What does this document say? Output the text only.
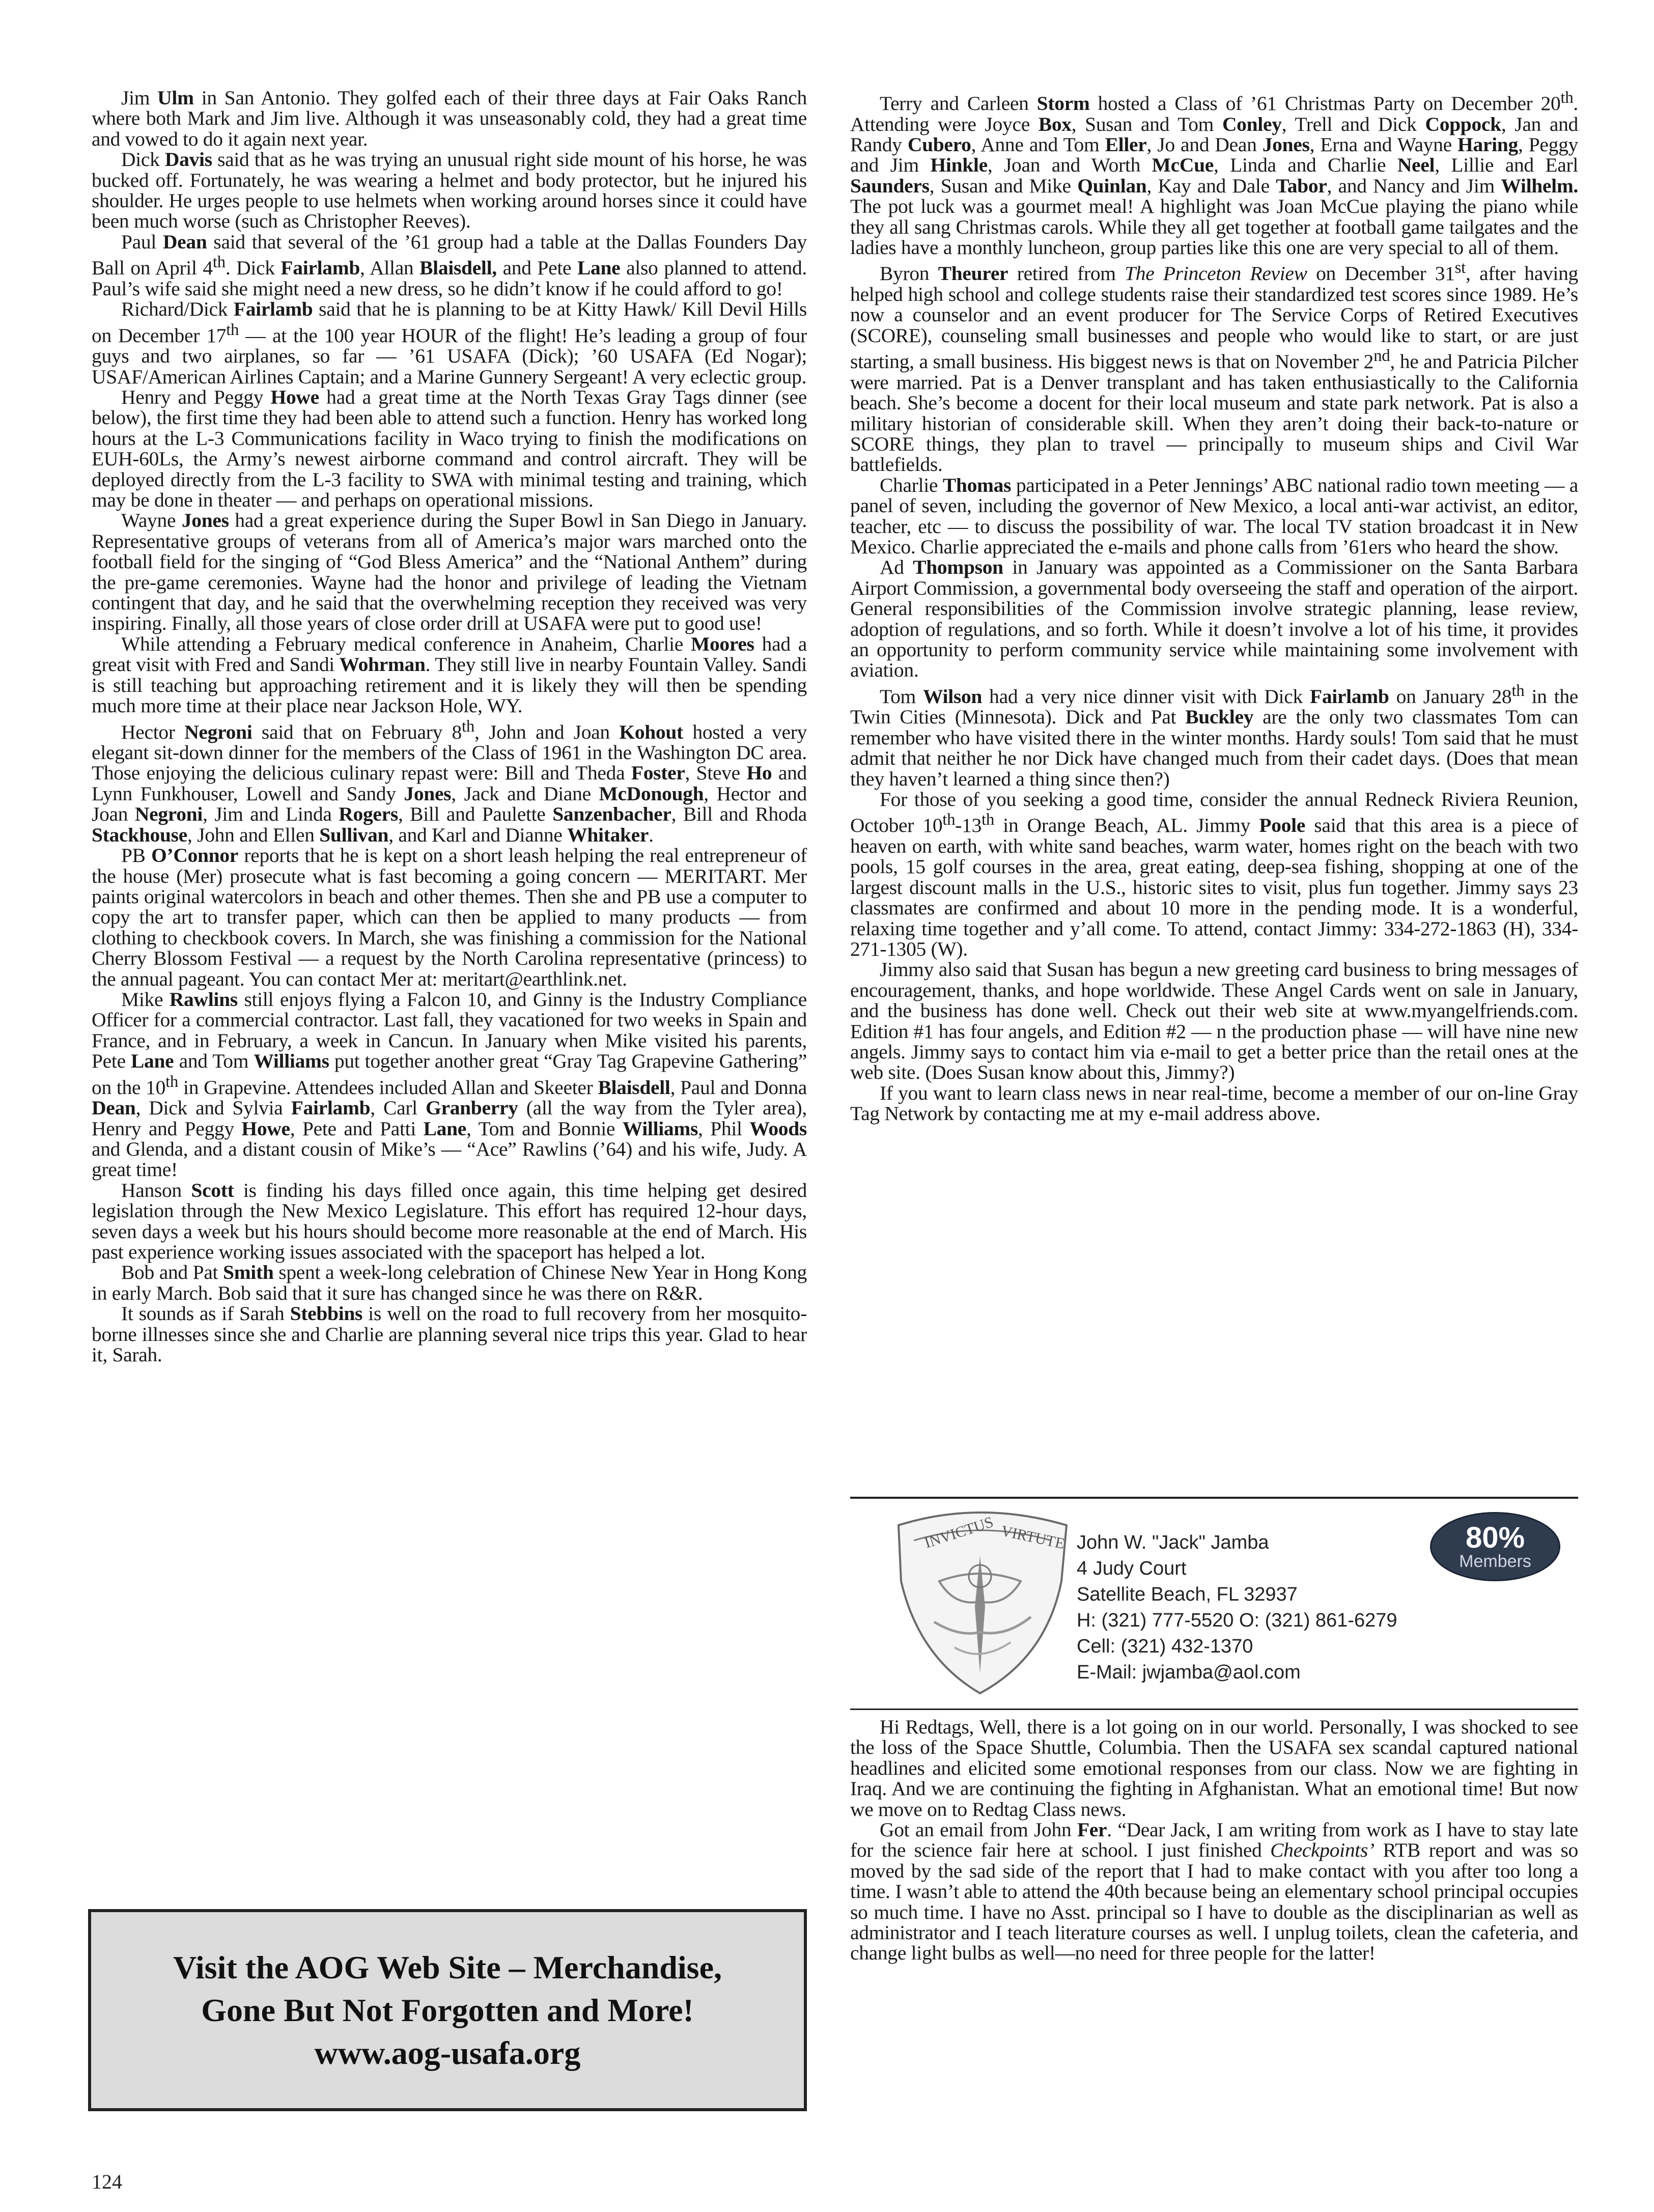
Jim Ulm in San Antonio. They golfed each of their three days at Fair Oaks Ranch where both Mark and Jim live. Although it was unseasonably cold, they had a great time and vowed to do it again next year.

Dick Davis said that as he was trying an unusual right side mount of his horse, he was bucked off. Fortunately, he was wearing a helmet and body protector, but he injured his shoulder. He urges people to use helmets when working around horses since it could have been much worse (such as Christopher Reeves).

Paul Dean said that several of the ’61 group had a table at the Dallas Founders Day Ball on April 4th. Dick Fairlamb, Allan Blaisdell, and Pete Lane also planned to attend. Paul’s wife said she might need a new dress, so he didn’t know if he could afford to go!

Richard/Dick Fairlamb said that he is planning to be at Kitty Hawk/ Kill Devil Hills on December 17th — at the 100 year HOUR of the flight! He’s leading a group of four guys and two airplanes, so far — ’61 USAFA (Dick); ’60 USAFA (Ed Nogar); USAF/American Airlines Captain; and a Marine Gunnery Sergeant! A very eclectic group.

Henry and Peggy Howe had a great time at the North Texas Gray Tags dinner (see below), the first time they had been able to attend such a function. Henry has worked long hours at the L-3 Communications facility in Waco trying to finish the modifications on EUH-60Ls, the Army’s newest airborne command and control aircraft. They will be deployed directly from the L-3 facility to SWA with minimal testing and training, which may be done in theater — and perhaps on operational missions.

Wayne Jones had a great experience during the Super Bowl in San Diego in January. Representative groups of veterans from all of America’s major wars marched onto the football field for the singing of “God Bless America” and the “National Anthem” during the pre-game ceremonies. Wayne had the honor and privilege of leading the Vietnam contingent that day, and he said that the overwhelming reception they received was very inspiring. Finally, all those years of close order drill at USAFA were put to good use!

While attending a February medical conference in Anaheim, Charlie Moores had a great visit with Fred and Sandi Wohrman. They still live in nearby Fountain Valley. Sandi is still teaching but approaching retirement and it is likely they will then be spending much more time at their place near Jackson Hole, WY.

Hector Negroni said that on February 8th, John and Joan Kohout hosted a very elegant sit-down dinner for the members of the Class of 1961 in the Washington DC area. Those enjoying the delicious culinary repast were: Bill and Theda Foster, Steve Ho and Lynn Funkhouser, Lowell and Sandy Jones, Jack and Diane McDonough, Hector and Joan Negroni, Jim and Linda Rogers, Bill and Paulette Sanzenbacher, Bill and Rhoda Stackhouse, John and Ellen Sullivan, and Karl and Dianne Whitaker.

PB O’Connor reports that he is kept on a short leash helping the real entrepreneur of the house (Mer) prosecute what is fast becoming a going concern — MERITART. Mer paints original watercolors in beach and other themes. Then she and PB use a computer to copy the art to transfer paper, which can then be applied to many products — from clothing to checkbook covers. In March, she was finishing a commission for the National Cherry Blossom Festival — a request by the North Carolina representative (princess) to the annual pageant. You can contact Mer at: meritart@earthlink.net.

Mike Rawlins still enjoys flying a Falcon 10, and Ginny is the Industry Compliance Officer for a commercial contractor. Last fall, they vacationed for two weeks in Spain and France, and in February, a week in Cancun. In January when Mike visited his parents, Pete Lane and Tom Williams put together another great “Gray Tag Grapevine Gathering” on the 10th in Grapevine. Attendees included Allan and Skeeter Blaisdell, Paul and Donna Dean, Dick and Sylvia Fairlamb, Carl Granberry (all the way from the Tyler area), Henry and Peggy Howe, Pete and Patti Lane, Tom and Bonnie Williams, Phil Woods and Glenda, and a distant cousin of Mike’s — “Ace” Rawlins (’64) and his wife, Judy. A great time!

Hanson Scott is finding his days filled once again, this time helping get desired legislation through the New Mexico Legislature. This effort has required 12-hour days, seven days a week but his hours should become more reasonable at the end of March. His past experience working issues associated with the spaceport has helped a lot.

Bob and Pat Smith spent a week-long celebration of Chinese New Year in Hong Kong in early March. Bob said that it sure has changed since he was there on R&R.

It sounds as if Sarah Stebbins is well on the road to full recovery from her mosquito-borne illnesses since she and Charlie are planning several nice trips this year. Glad to hear it, Sarah.

Terry and Carleen Storm hosted a Class of ’61 Christmas Party on December 20th. Attending were Joyce Box, Susan and Tom Conley, Trell and Dick Coppock, Jan and Randy Cubero, Anne and Tom Eller, Jo and Dean Jones, Erna and Wayne Haring, Peggy and Jim Hinkle, Joan and Worth McCue, Linda and Charlie Neel, Lillie and Earl Saunders, Susan and Mike Quinlan, Kay and Dale Tabor, and Nancy and Jim Wilhelm. The pot luck was a gourmet meal! A highlight was Joan McCue playing the piano while they all sang Christmas carols. While they all get together at football game tailgates and the ladies have a monthly luncheon, group parties like this one are very special to all of them.

Byron Theurer retired from The Princeton Review on December 31st, after having helped high school and college students raise their standardized test scores since 1989. He’s now a counselor and an event producer for The Service Corps of Retired Executives (SCORE), counseling small businesses and people who would like to start, or are just starting, a small business. His biggest news is that on November 2nd, he and Patricia Pilcher were married. Pat is a Denver transplant and has taken enthusiastically to the California beach. She’s become a docent for their local museum and state park network. Pat is also a military historian of considerable skill. When they aren’t doing their back-to-nature or SCORE things, they plan to travel — principally to museum ships and Civil War battlefields.

Charlie Thomas participated in a Peter Jennings’ ABC national radio town meeting — a panel of seven, including the governor of New Mexico, a local anti-war activist, an editor, teacher, etc — to discuss the possibility of war. The local TV station broadcast it in New Mexico. Charlie appreciated the e-mails and phone calls from ’61ers who heard the show.

Ad Thompson in January was appointed as a Commissioner on the Santa Barbara Airport Commission, a governmental body overseeing the staff and operation of the airport. General responsibilities of the Commission involve strategic planning, lease review, adoption of regulations, and so forth. While it doesn’t involve a lot of his time, it provides an opportunity to perform community service while maintaining some involvement with aviation.

Tom Wilson had a very nice dinner visit with Dick Fairlamb on January 28th in the Twin Cities (Minnesota). Dick and Pat Buckley are the only two classmates Tom can remember who have visited there in the winter months. Hardy souls! Tom said that he must admit that neither he nor Dick have changed much from their cadet days. (Does that mean they haven’t learned a thing since then?)

For those of you seeking a good time, consider the annual Redneck Riviera Reunion, October 10th-13th in Orange Beach, AL. Jimmy Poole said that this area is a piece of heaven on earth, with white sand beaches, warm water, homes right on the beach with two pools, 15 golf courses in the area, great eating, deep-sea fishing, shopping at one of the largest discount malls in the U.S., historic sites to visit, plus fun together. Jimmy says 23 classmates are confirmed and about 10 more in the pending mode. It is a wonderful, relaxing time together and y’all come. To attend, contact Jimmy: 334-272-1863 (H), 334-271-1305 (W).

Jimmy also said that Susan has begun a new greeting card business to bring messages of encouragement, thanks, and hope worldwide. These Angel Cards went on sale in January, and the business has done well. Check out their web site at www.myangelfriends.com. Edition #1 has four angels, and Edition #2 — n the production phase — will have nine new angels. Jimmy says to contact him via e-mail to get a better price than the retail ones at the web site. (Does Susan know about this, Jimmy?)

If you want to learn class news in near real-time, become a member of our on-line Gray Tag Network by contacting me at my e-mail address above.

INVICTUS VIRTUTE John W. "Jack" Jamba
4 Judy Court
Satellite Beach, FL 32937
H: (321) 777-5520 O: (321) 861-6279
Cell: (321) 432-1370
E-Mail: jwjamba@aol.com
80%
Members

Hi Redtags, Well, there is a lot going on in our world. Personally, I was shocked to see the loss of the Space Shuttle, Columbia. Then the USAFA sex scandal captured national headlines and elicited some emotional responses from our class. Now we are fighting in Iraq. And we are continuing the fighting in Afghanistan. What an emotional time! But now we move on to Redtag Class news.

Got an email from John Fer. “Dear Jack, I am writing from work as I have to stay late for the science fair here at school. I just finished Checkpoints’ RTB report and was so moved by the sad side of the report that I had to make contact with you after too long a time. I wasn’t able to attend the 40th because being an elementary school principal occupies so much time. I have no Asst. principal so I have to double as the disciplinarian as well as administrator and I teach literature courses as well. I unplug toilets, clean the cafeteria, and change light bulbs as well—no need for three people for the latter!

Visit the AOG Web Site – Merchandise,
Gone But Not Forgotten and More!
www.aog-usafa.org
124
